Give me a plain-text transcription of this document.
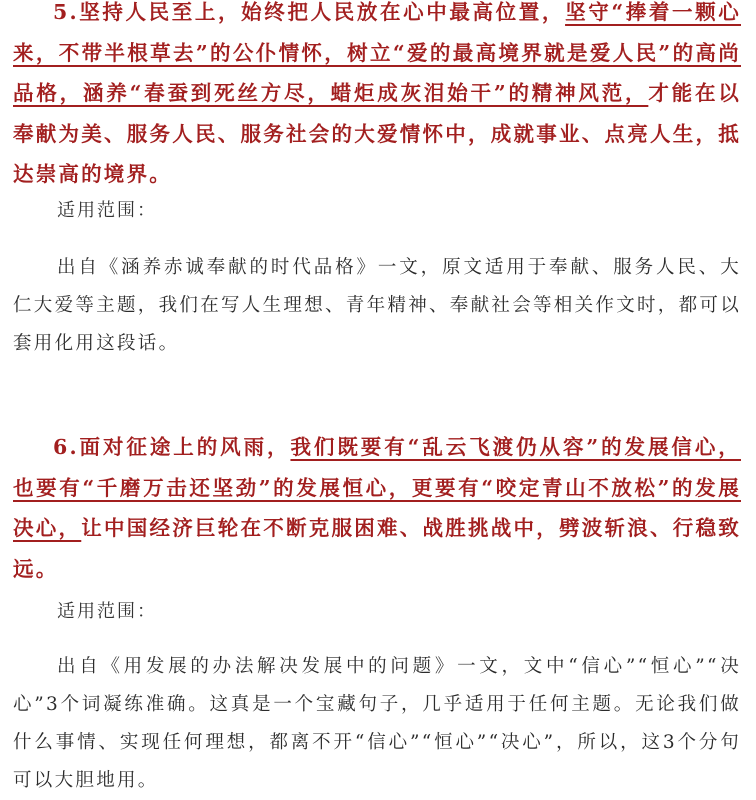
5.坚持人民至上，始终把人民放在心中最高位置，坚守“捧着一颗心来，不带半根草去”的公仆情怀，树立“爱的最高境界就是爱人民”的高尚品格，涵养“春蚕到死丝方尽，蜡炬成灰泪始干”的精神风范，才能在以奉献为美、服务人民、服务社会的大爱情怀中，成就事业、点亮人生，抵达崇高的境界。

适用范围：

出自《涵养赤诚奉献的时代品格》一文，原文适用于奉献、服务人民、大仁大爱等主题，我们在写人生理想、青年精神、奉献社会等相关作文时，都可以套用化用这段话。

6.面对征途上的风雨，我们既要有“乱云飞渡仍从容”的发展信心，也要有“千磨万击还坚劲”的发展恒心，更要有“咬定青山不放松”的发展决心，让中国经济巨轮在不断克服困难、战胜挑战中，劈波斩浪、行稳致远。

适用范围：

出自《用发展的办法解决发展中的问题》一文，文中“信心”“恒心”“决心”3个词凝练准确。这真是一个宝藏句子，几乎适用于任何主题。无论我们做什么事情、实现任何理想，都离不开“信心”“恒心”“决心”，所以，这3个分句可以大胆地用。
